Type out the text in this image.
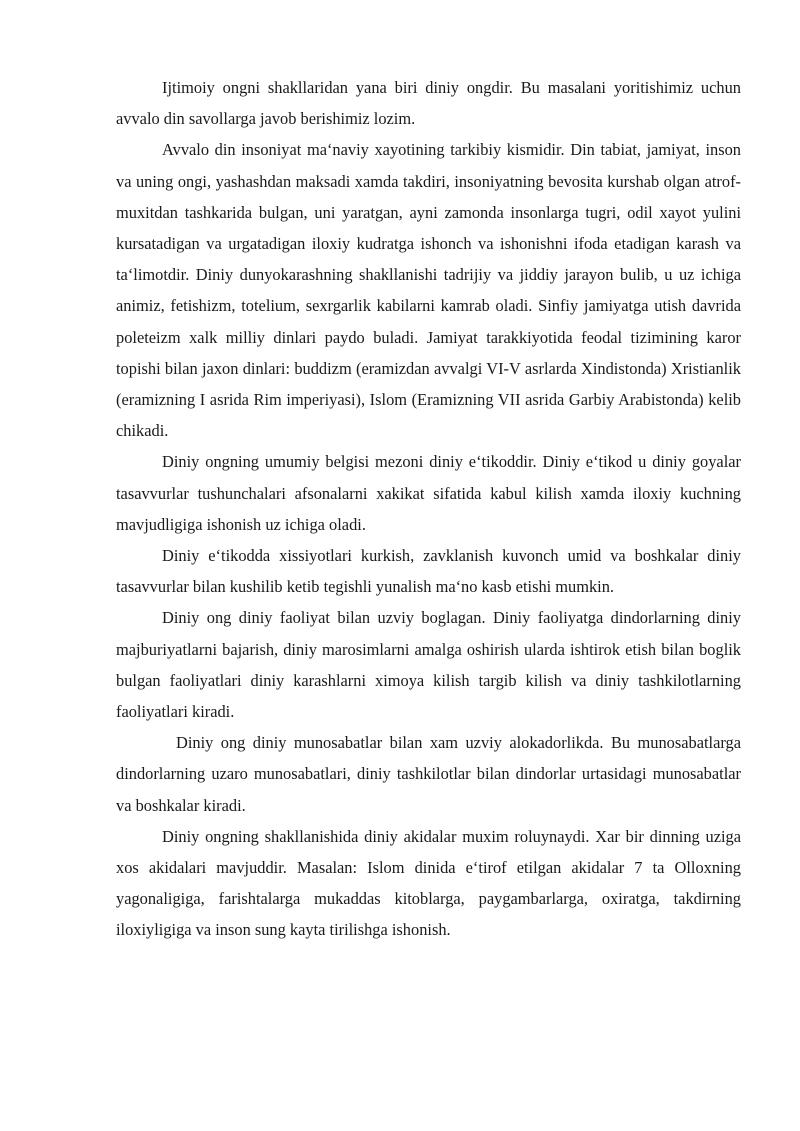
Ijtimoiy ongni shakllaridan yana biri diniy ongdir. Bu masalani yoritishimiz uchun avvalo din savollarga javob berishimiz lozim.

Avvalo din insoniyat maʻnaviy xayotining tarkibiy kismidir. Din tabiat, jamiyat, inson va uning ongi, yashashdan maksadi xamda takdiri, insoniyatning bevosita kurshab olgan atrof-muxitdan tashkarida bulgan, uni yaratgan, ayni zamonda insonlarga tugri, odil xayot yulini kursatadigan va urgatadigan iloxiy kudratga ishonch va ishonishni ifoda etadigan karash va taʻlimotdir. Diniy dunyokarashning shakllanishi tadrijiy va jiddiy jarayon bulib, u uz ichiga animiz, fetishizm, totelium, sexrgarlik kabilarni kamrab oladi. Sinfiy jamiyatga utish davrida poleteizm xalk milliy dinlari paydo buladi. Jamiyat tarakkiyotida feodal tizimining karor topishi bilan jaxon dinlari: buddizm (eramizdan avvalgi VI-V asrlarda Xindistonda) Xristianlik (eramizning I asrida Rim imperiyasi), Islom (Eramizning VII asrida Garbiy Arabistonda) kelib chikadi.

Diniy ongning umumiy belgisi mezoni diniy eʻtikoddir. Diniy eʻtikod u diniy goyalar tasavvurlar tushunchalari afsonalarni xakikat sifatida kabul kilish xamda iloxiy kuchning mavjudligiga ishonish uz ichiga oladi.

Diniy eʻtikodda xissiyotlari kurkish, zavklanish kuvonch umid va boshkalar diniy tasavvurlar bilan kushilib ketib tegishli yunalish maʻno kasb etishi mumkin.

Diniy ong diniy faoliyat bilan uzviy boglagan. Diniy faoliyatga dindorlarning diniy majburiyatlarni bajarish, diniy marosimlarni amalga oshirish ularda ishtirok etish bilan boglik bulgan faoliyatlari diniy karashlarni ximoya kilish targib kilish va diniy tashkilotlarning faoliyatlari kiradi.

Diniy ong diniy munosabatlar bilan xam uzviy alokadorlikda. Bu munosabatlarga dindorlarning uzaro munosabatlari, diniy tashkilotlar bilan dindorlar urtasidagi munosabatlar va boshkalar kiradi.

Diniy ongning shakllanishida diniy akidalar muxim roluynaydi. Xar bir dinning uziga xos akidalari mavjuddir. Masalan: Islom dinida eʻtirof etilgan akidalar 7 ta Olloxning yagonaligiga, farishtalarga mukaddas kitoblarga, paygambarlarga, oxiratga, takdirning iloxiyligiga va inson sung kayta tirilishga ishonish.
